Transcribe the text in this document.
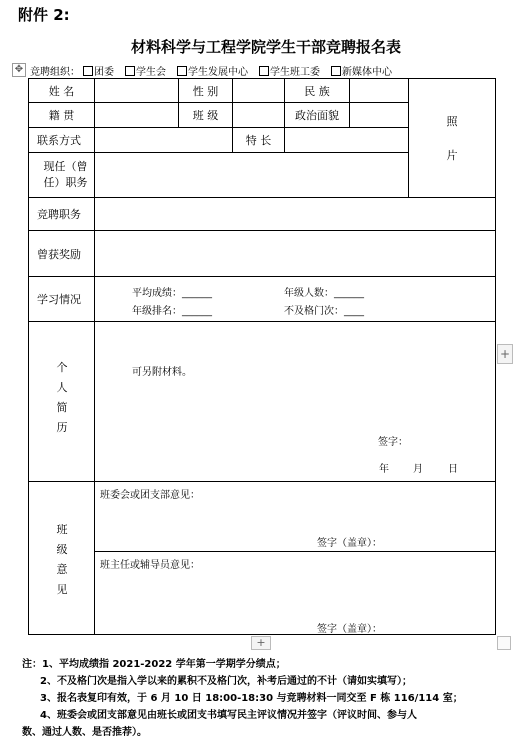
附件 2:
材料科学与工程学院学生干部竞聘报名表
✥ 竞聘组织： 团委 学生会 学生发展中心 学生班工委 新媒体中心
姓 名	性 别	民 族
籍 贯	班 级	政治面貌	照
片
联系方式	特 长
现任（曾任）职务
竞聘职务
曾获奖励
学习情况	平均成绩：______	年级人数：______
年级排名：______	不及格门次：____
个
人
简
历
可另附材料。
签字：
年 月	日
班
级
意
见
班委会或团支部意见：
签字（盖章）：
班主任或辅导员意见：
签字（盖章）：
+
+
注：1、平均成绩指 2021-2022 学年第一学期学分绩点；
2、不及格门次是指入学以来的累积不及格门次，补考后通过的不计（请如实填写）；
3、报名表复印有效，于 6 月 10 日 18:00-18:30 与竞聘材料一同交至 F 栋 116/114 室；
4、班委会或团支部意见由班长或团支书填写民主评议情况并签字（评议时间、参与人
数、通过人数、是否推荐）。
